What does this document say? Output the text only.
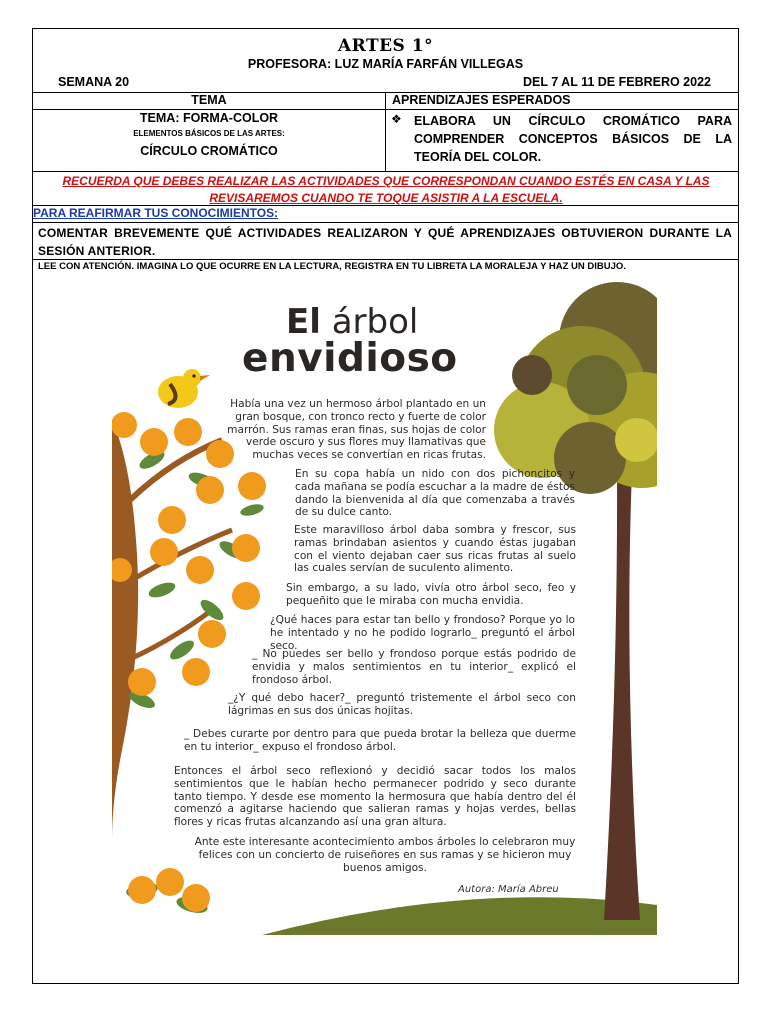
ARTES 1°
PROFESORA: LUZ MARÍA FARFÁN VILLEGAS
SEMANA 20	DEL 7 AL 11 DE FEBRERO 2022
TEMA	APRENDIZAJES ESPERADOS
TEMA: FORMA-COLOR
ELEMENTOS BÁSICOS DE LAS ARTES:
CÍRCULO CROMÁTICO
❖ ELABORA UN CÍRCULO CROMÁTICO PARA COMPRENDER CONCEPTOS BÁSICOS DE LA TEORÍA DEL COLOR.
RECUERDA QUE DEBES REALIZAR LAS ACTIVIDADES QUE CORRESPONDAN CUANDO ESTÉS EN CASA Y LAS REVISAREMOS CUANDO TE TOQUE ASISTIR A LA ESCUELA.
PARA REAFIRMAR TUS CONOCIMIENTOS:
COMENTAR BREVEMENTE QUÉ ACTIVIDADES REALIZARON Y QUÉ APRENDIZAJES OBTUVIERON DURANTE LA SESIÓN ANTERIOR.
LEE CON ATENCIÓN. IMAGINA LO QUE OCURRE EN LA LECTURA, REGISTRA EN TU LIBRETA LA MORALEJA Y HAZ UN DIBUJO.
El árbol
envidioso
Había una vez un hermoso árbol plantado en un gran bosque, con tronco recto y fuerte de color marrón. Sus ramas eran finas, sus hojas de color verde oscuro y sus flores muy llamativas que muchas veces se convertían en ricas frutas.
En su copa había un nido con dos pichoncitos y cada mañana se podía escuchar a la madre de éstos dando la bienvenida al día que comenzaba a través de su dulce canto.
Este maravilloso árbol daba sombra y frescor, sus ramas brindaban asientos y cuando éstas jugaban con el viento dejaban caer sus ricas frutas al suelo las cuales servían de suculento alimento.
Sin embargo, a su lado, vivía otro árbol seco, feo y pequeñito que le miraba con mucha envidia.
¿Qué haces para estar tan bello y frondoso? Porque yo lo he intentado y no he podido lograrlo_ preguntó el árbol seco.
_ No puedes ser bello y frondoso porque estás podrido de envidia y malos sentimientos en tu interior_ explicó el frondoso árbol.
_¿Y qué debo hacer?_ preguntó tristemente el árbol seco con lágrimas en sus dos únicas hojitas.
_ Debes curarte por dentro para que pueda brotar la belleza que duerme en tu interior_ expuso el frondoso árbol.
Entonces el árbol seco reflexionó y decidió sacar todos los malos sentimientos que le habían hecho permanecer podrido y seco durante tanto tiempo. Y desde ese momento la hermosura que había dentro del él comenzó a agitarse haciendo que salieran ramas y hojas verdes, bellas flores y ricas frutas alcanzando así una gran altura.
Ante este interesante acontecimiento ambos árboles lo celebraron muy felices con un concierto de ruiseñores en sus ramas y se hicieron muy buenos amigos.
Autora: María Abreu
